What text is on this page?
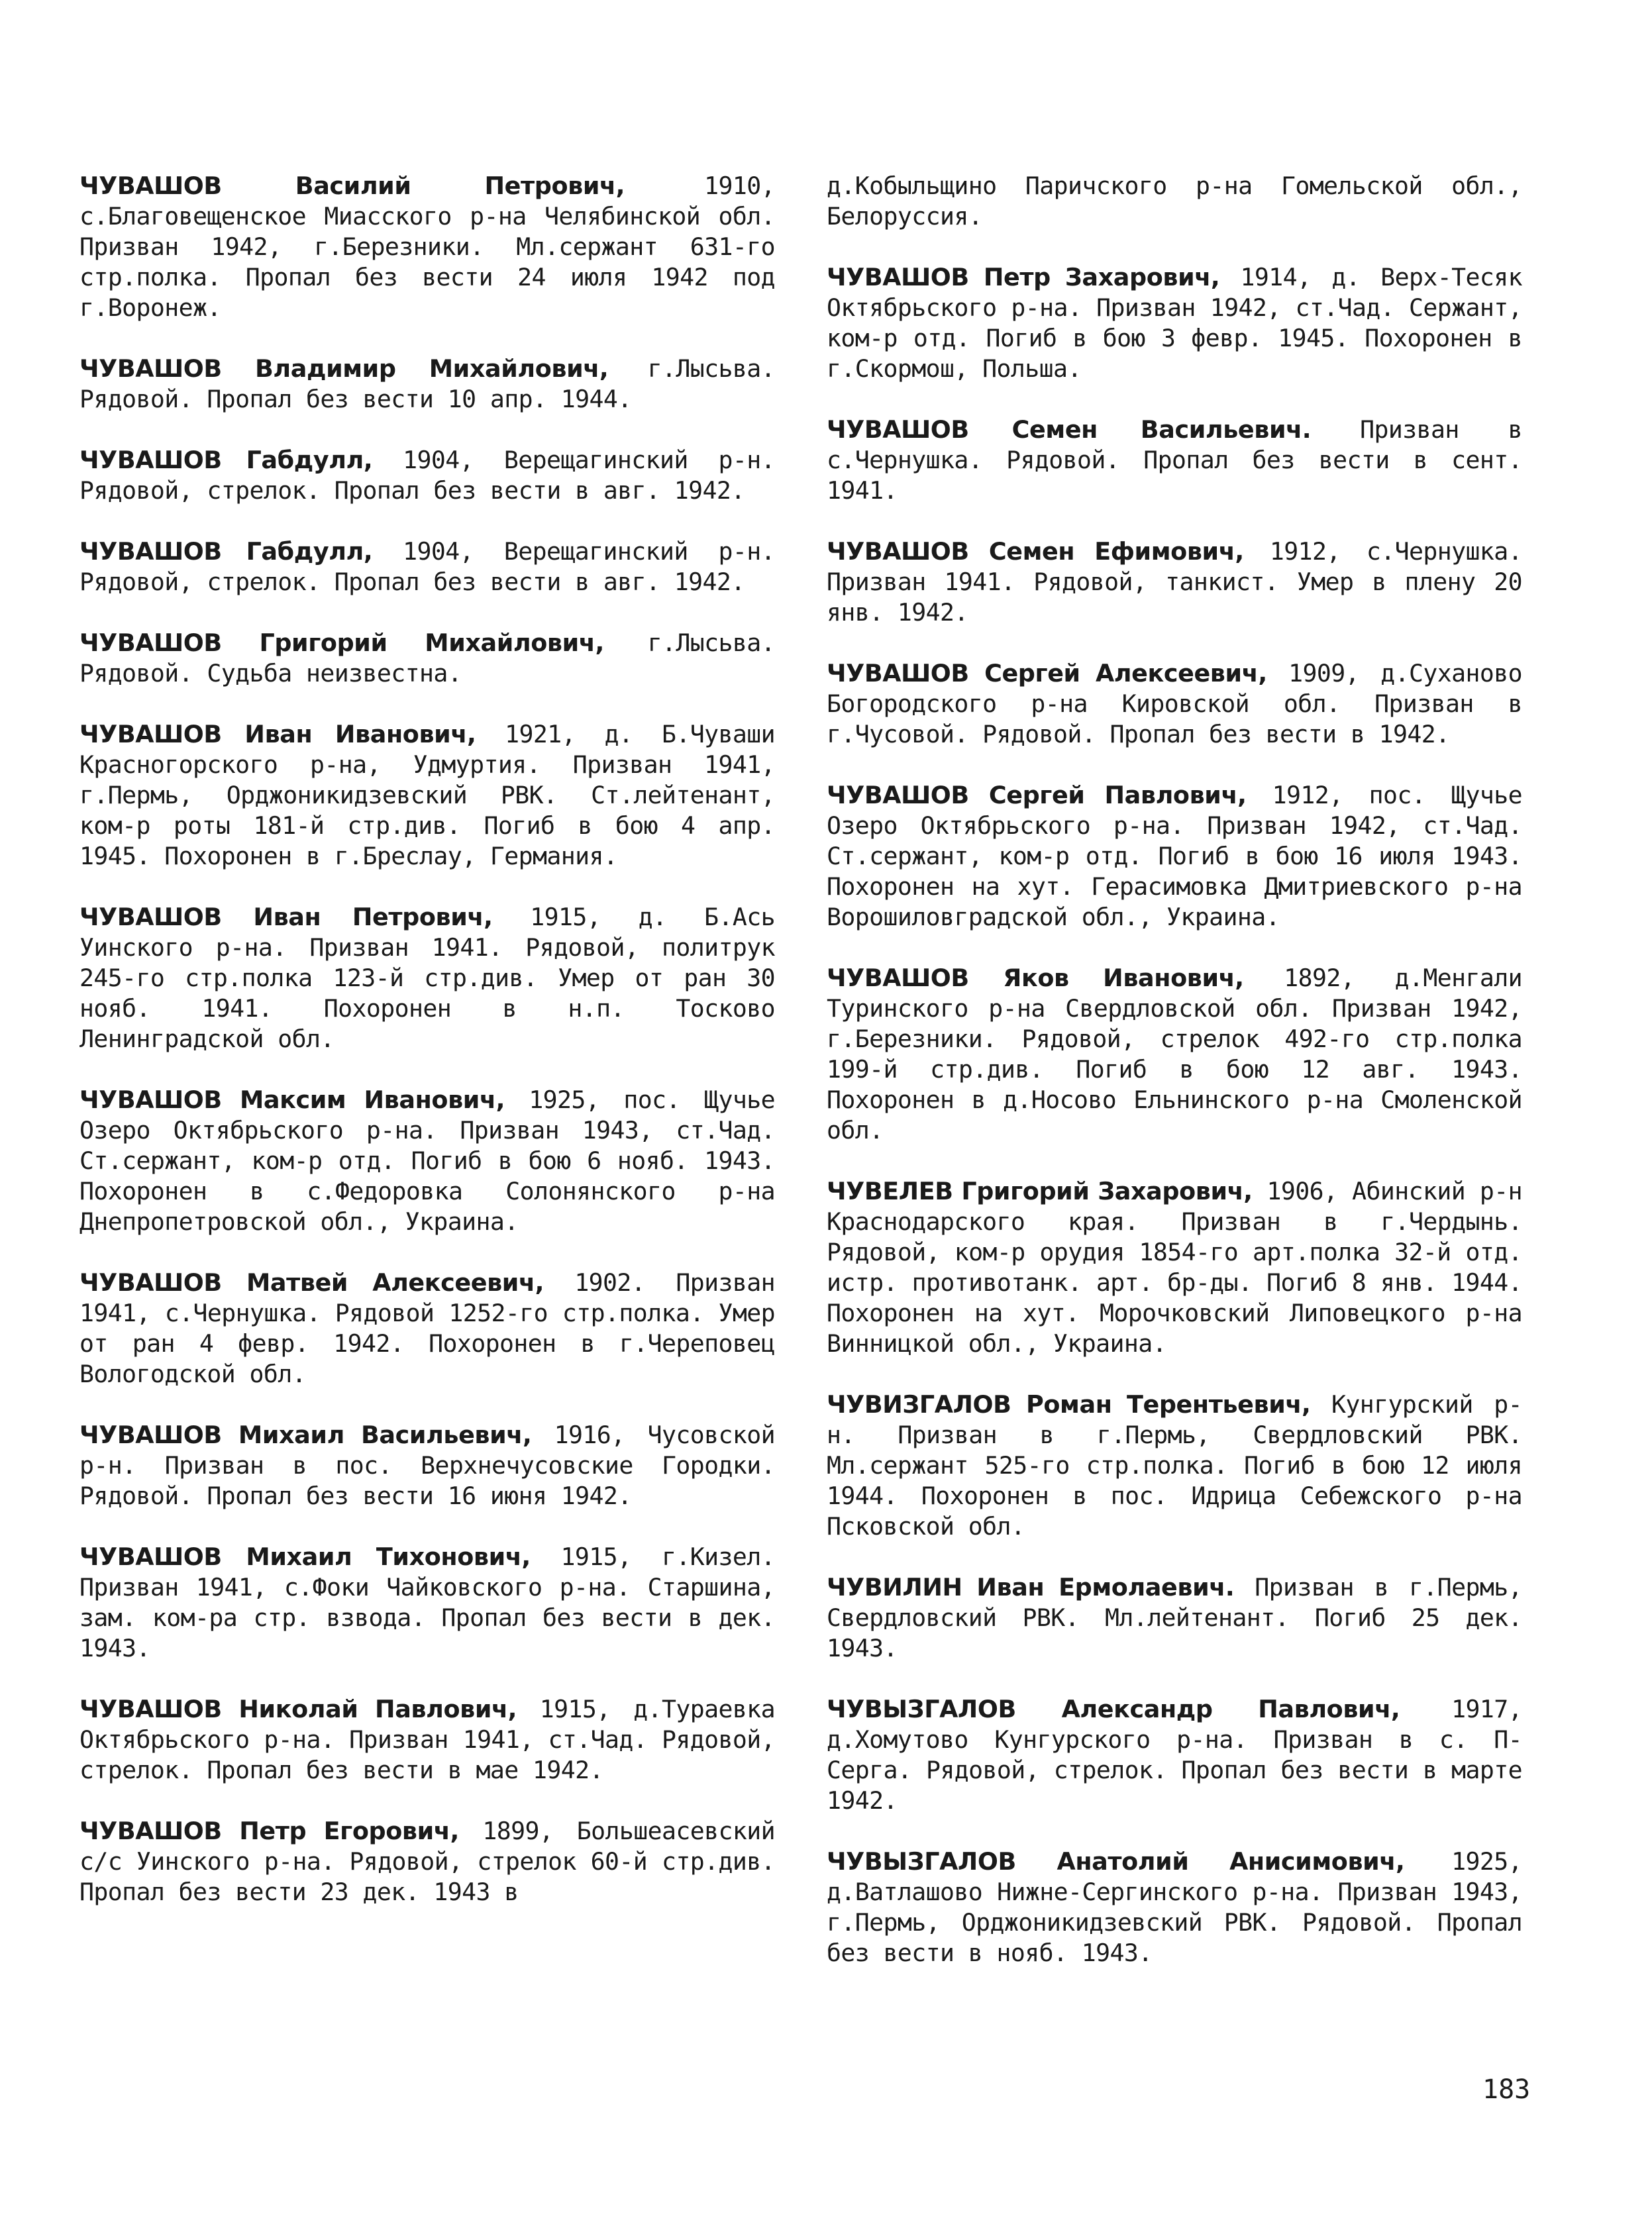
ЧУВАШОВ Василий Петрович,	1910, с.Благовещенское Миасского р-на Челябинской обл. Призван 1942, г.Березники. Мл.сержант 631-го стр.полка. Пропал без вести 24 июля 1942 под г.Воронеж.

ЧУВАШОВ Владимир Михайлович, г.Лысьва. Рядовой. Пропал без вести 10 апр. 1944.

ЧУВАШОВ Габдулл, 1904, Верещагинский р-н. Рядовой, стрелок. Пропал без вести в авг. 1942.

ЧУВАШОВ Габдулл, 1904, Верещагинский р-н. Рядовой, стрелок. Пропал без вести в авг. 1942.

ЧУВАШОВ Григорий Михайлович, г.Лысьва. Рядовой. Судьба неизвестна.

ЧУВАШОВ Иван Иванович, 1921, д. Б.Чуваши Красногорского р-на, Удмуртия. Призван 1941, г.Пермь, Орджоникидзевский РВК. Ст.лейтенант, ком-р роты 181-й стр.див. Погиб в бою 4 апр. 1945. Похоронен в г.Бреслау, Германия.

ЧУВАШОВ Иван Петрович, 1915, д. Б.Ась Уинского р-на. Призван 1941. Рядовой, политрук 245-го стр.полка 123-й стр.див. Умер от ран 30 нояб. 1941. Похоронен в н.п. Тосково Ленинградской обл.

ЧУВАШОВ Максим Иванович, 1925, пос. Щучье Озеро Октябрьского р-на. Призван 1943, ст.Чад. Ст.сержант, ком-р отд. Погиб в бою 6 нояб. 1943. Похоронен в с.Федоровка Солонянского р-на Днепропетровской обл., Украина.

ЧУВАШОВ Матвей Алексеевич, 1902. Призван 1941, с.Чернушка. Рядовой 1252-го стр.полка. Умер от ран 4 февр. 1942. Похоронен в г.Череповец Вологодской обл.

ЧУВАШОВ Михаил Васильевич, 1916, Чусовской р-н. Призван в пос. Верхнечусовские Городки. Рядовой. Пропал без вести 16 июня 1942.

ЧУВАШОВ Михаил Тихонович, 1915, г.Кизел. Призван 1941, с.Фоки Чайковского р-на. Старшина, зам. ком-ра стр. взвода. Пропал без вести в дек. 1943.

ЧУВАШОВ Николай Павлович, 1915, д.Тураевка Октябрьского р-на. Призван 1941, ст.Чад. Рядовой, стрелок. Пропал без вести в мае 1942.

ЧУВАШОВ Петр Егорович, 1899, Большеасевский с/с Уинского р-на. Рядовой, стрелок 60-й стр.див. Пропал без вести 23 дек. 1943 в

д.Кобыльщино Паричского р-на Гомельской обл., Белоруссия.

ЧУВАШОВ Петр Захарович, 1914, д. Верх-Тесяк Октябрьского р-на. Призван 1942, ст.Чад. Сержант, ком-р отд. Погиб в бою 3 февр. 1945. Похоронен в г.Скормош, Польша.

ЧУВАШОВ Семен Васильевич. Призван в с.Чернушка. Рядовой. Пропал без вести в сент. 1941.

ЧУВАШОВ Семен Ефимович, 1912, с.Чернушка. Призван 1941. Рядовой, танкист. Умер в плену 20 янв. 1942.

ЧУВАШОВ Сергей Алексеевич, 1909, д.Суханово Богородского р-на Кировской обл. Призван в г.Чусовой. Рядовой. Пропал без вести в 1942.

ЧУВАШОВ Сергей Павлович, 1912, пос. Щучье Озеро Октябрьского р-на. Призван 1942, ст.Чад. Ст.сержант, ком-р отд. Погиб в бою 16 июля 1943. Похоронен на хут. Герасимовка Дмитриевского р-на Ворошиловградской обл., Украина.

ЧУВАШОВ Яков Иванович, 1892, д.Менгали Туринского р-на Свердловской обл. Призван 1942, г.Березники. Рядовой, стрелок 492-го стр.полка 199-й стр.див. Погиб в бою 12 авг. 1943. Похоронен в д.Носово Ельнинского р-на Смоленской обл.

ЧУВЕЛЕВ Григорий Захарович, 1906, Абинский р-н Краснодарского края. Призван в г.Чердынь. Рядовой, ком-р орудия 1854-го арт.полка 32-й отд. истр. противотанк. арт. бр-ды. Погиб 8 янв. 1944. Похоронен на хут. Морочковский Липовецкого р-на Винницкой обл., Украина.

ЧУВИЗГАЛОВ Роман Терентьевич, Кунгурский р-н. Призван в г.Пермь, Свердловский РВК. Мл.сержант 525-го стр.полка. Погиб в бою 12 июля 1944. Похоронен в пос. Идрица Себежского р-на Псковской обл.

ЧУВИЛИН Иван Ермолаевич. Призван в г.Пермь, Свердловский РВК. Мл.лейтенант. Погиб 25 дек. 1943.

ЧУВЫЗГАЛОВ Александр Павлович, 1917, д.Хомутово Кунгурского р-на. Призван в с. П-Серга. Рядовой, стрелок. Пропал без вести в марте 1942.

ЧУВЫЗГАЛОВ Анатолий Анисимович, 1925, д.Ватлашово Нижне-Сергинского р-на. Призван 1943, г.Пермь, Орджоникидзевский РВК. Рядовой. Пропал без вести в нояб. 1943.

183
